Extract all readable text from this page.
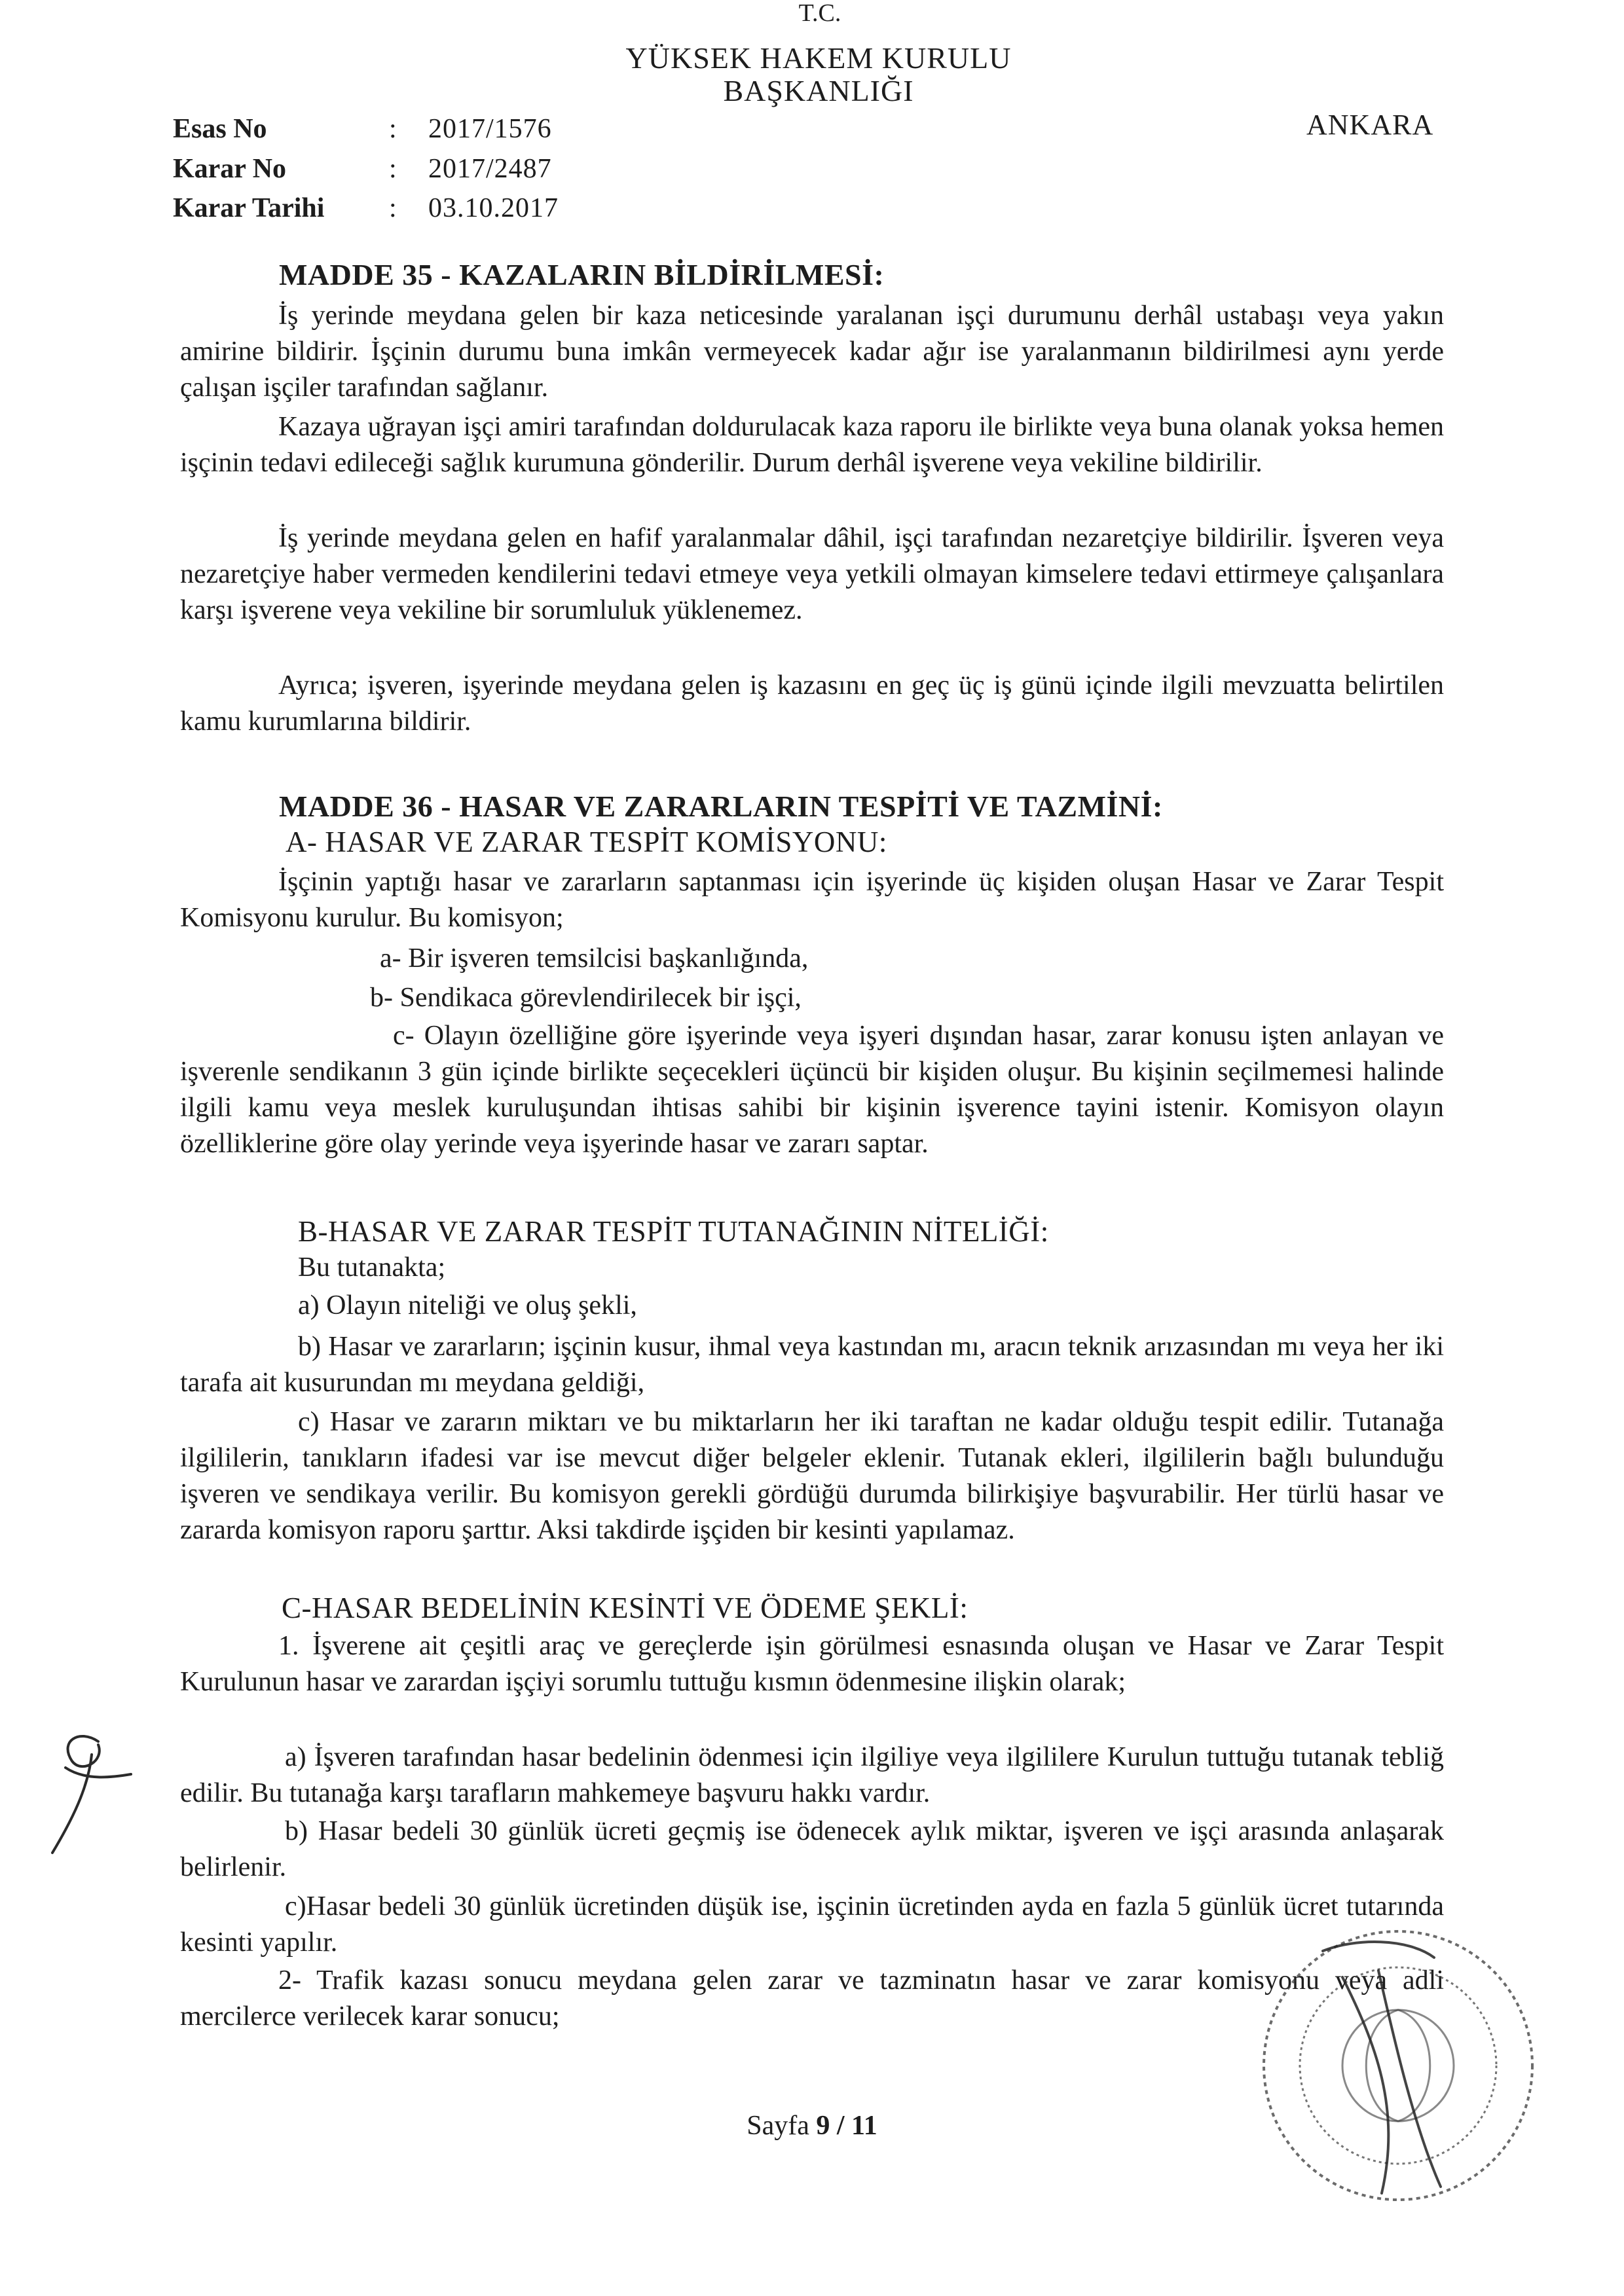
T.C.
YÜKSEK HAKEM KURULU
BAŞKANLIĞI
ANKARA
Esas No	: 2017/1576
Karar No	: 2017/2487
Karar Tarihi : 03.10.2017
MADDE 35 - KAZALARIN BİLDİRİLMESİ:

İş yerinde meydana gelen bir kaza neticesinde yaralanan işçi durumunu derhâl ustabaşı veya yakın amirine bildirir. İşçinin durumu buna imkân vermeyecek kadar ağır ise yaralanmanın bildirilmesi aynı yerde çalışan işçiler tarafından sağlanır.

Kazaya uğrayan işçi amiri tarafından doldurulacak kaza raporu ile birlikte veya buna olanak yoksa hemen işçinin tedavi edileceği sağlık kurumuna gönderilir. Durum derhâl işverene veya vekiline bildirilir.

İş yerinde meydana gelen en hafif yaralanmalar dâhil, işçi tarafından nezaretçiye bildirilir. İşveren veya nezaretçiye haber vermeden kendilerini tedavi etmeye veya yetkili olmayan kimselere tedavi ettirmeye çalışanlara karşı işverene veya vekiline bir sorumluluk yüklenemez.

Ayrıca; işveren, işyerinde meydana gelen iş kazasını en geç üç iş günü içinde ilgili mevzuatta belirtilen kamu kurumlarına bildirir.

MADDE 36 - HASAR VE ZARARLARIN TESPİTİ VE TAZMİNİ:
A- HASAR VE ZARAR TESPİT KOMİSYONU:

İşçinin yaptığı hasar ve zararların saptanması için işyerinde üç kişiden oluşan Hasar ve Zarar Tespit Komisyonu kurulur. Bu komisyon;

a- Bir işveren temsilcisi başkanlığında,
b- Sendikaca görevlendirilecek bir işçi,

c- Olayın özelliğine göre işyerinde veya işyeri dışından hasar, zarar konusu işten anlayan ve işverenle sendikanın 3 gün içinde birlikte seçecekleri üçüncü bir kişiden oluşur. Bu kişinin seçilmemesi halinde ilgili kamu veya meslek kuruluşundan ihtisas sahibi bir kişinin işverence tayini istenir. Komisyon olayın özelliklerine göre olay yerinde veya işyerinde hasar ve zararı saptar.

B-HASAR VE ZARAR TESPİT TUTANAĞININ NİTELİĞİ:
Bu tutanakta;
a) Olayın niteliği ve oluş şekli,

b) Hasar ve zararların; işçinin kusur, ihmal veya kastından mı, aracın teknik arızasından mı veya her iki tarafa ait kusurundan mı meydana geldiği,

c) Hasar ve zararın miktarı ve bu miktarların her iki taraftan ne kadar olduğu tespit edilir. Tutanağa ilgililerin, tanıkların ifadesi var ise mevcut diğer belgeler eklenir. Tutanak ekleri, ilgililerin bağlı bulunduğu işveren ve sendikaya verilir. Bu komisyon gerekli gördüğü durumda bilirkişiye başvurabilir. Her türlü hasar ve zararda komisyon raporu şarttır. Aksi takdirde işçiden bir kesinti yapılamaz.

C-HASAR BEDELİNİN KESİNTİ VE ÖDEME ŞEKLİ:

1. İşverene ait çeşitli araç ve gereçlerde işin görülmesi esnasında oluşan ve Hasar ve Zarar Tespit Kurulunun hasar ve zarardan işçiyi sorumlu tuttuğu kısmın ödenmesine ilişkin olarak;

a) İşveren tarafından hasar bedelinin ödenmesi için ilgiliye veya ilgililere Kurulun tuttuğu tutanak tebliğ edilir. Bu tutanağa karşı tarafların mahkemeye başvuru hakkı vardır.

b) Hasar bedeli 30 günlük ücreti geçmiş ise ödenecek aylık miktar, işveren ve işçi arasında anlaşarak belirlenir.

c)Hasar bedeli 30 günlük ücretinden düşük ise, işçinin ücretinden ayda en fazla 5 günlük ücret tutarında kesinti yapılır.

2- Trafik kazası sonucu meydana gelen zarar ve tazminatın hasar ve zarar komisyonu veya adli mercilerce verilecek karar sonucu;

Sayfa 9 / 11
